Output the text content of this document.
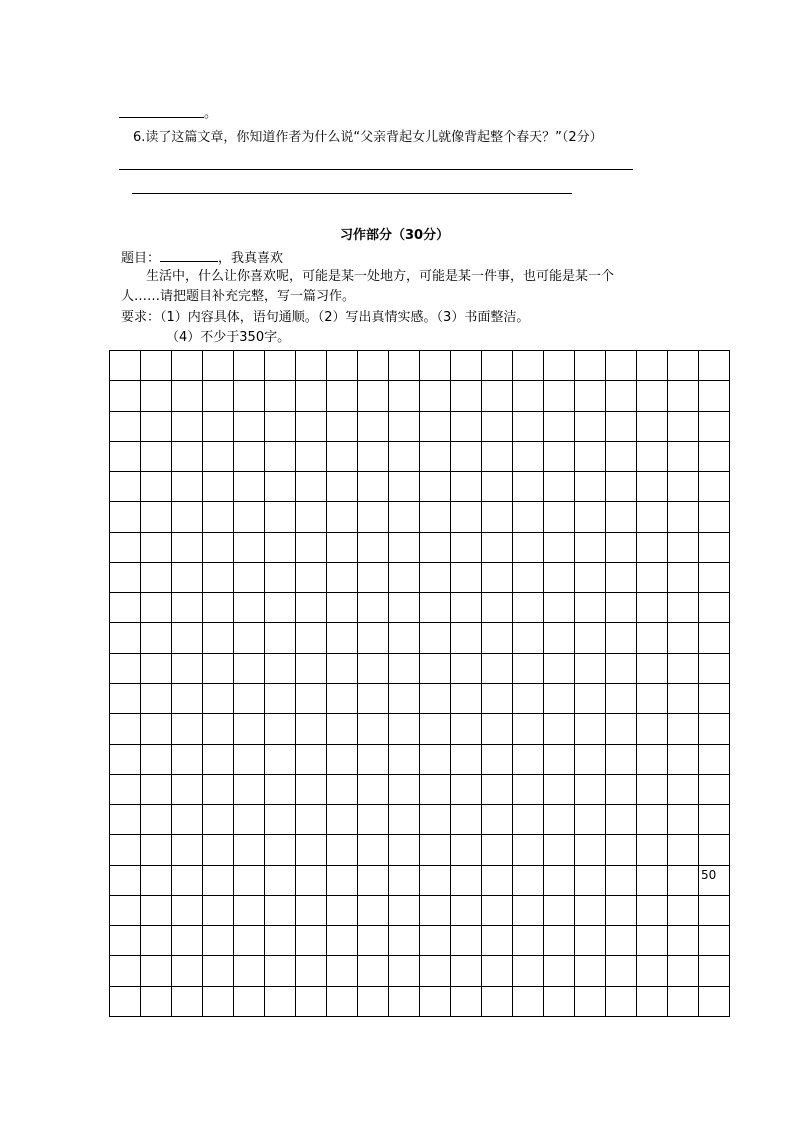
。
6.读了这篇文章，你知道作者为什么说“父亲背起女儿就像背起整个春天？”（2分）
习作部分（30分）
题目：	，我真喜欢
生活中，什么让你喜欢呢，可能是某一处地方，可能是某一件事，也可能是某一个
人……请把题目补充完整，写一篇习作。
要求：（1）内容具体，语句通顺。（2）写出真情实感。（3）书面整洁。
（4）不少于350字。
50
